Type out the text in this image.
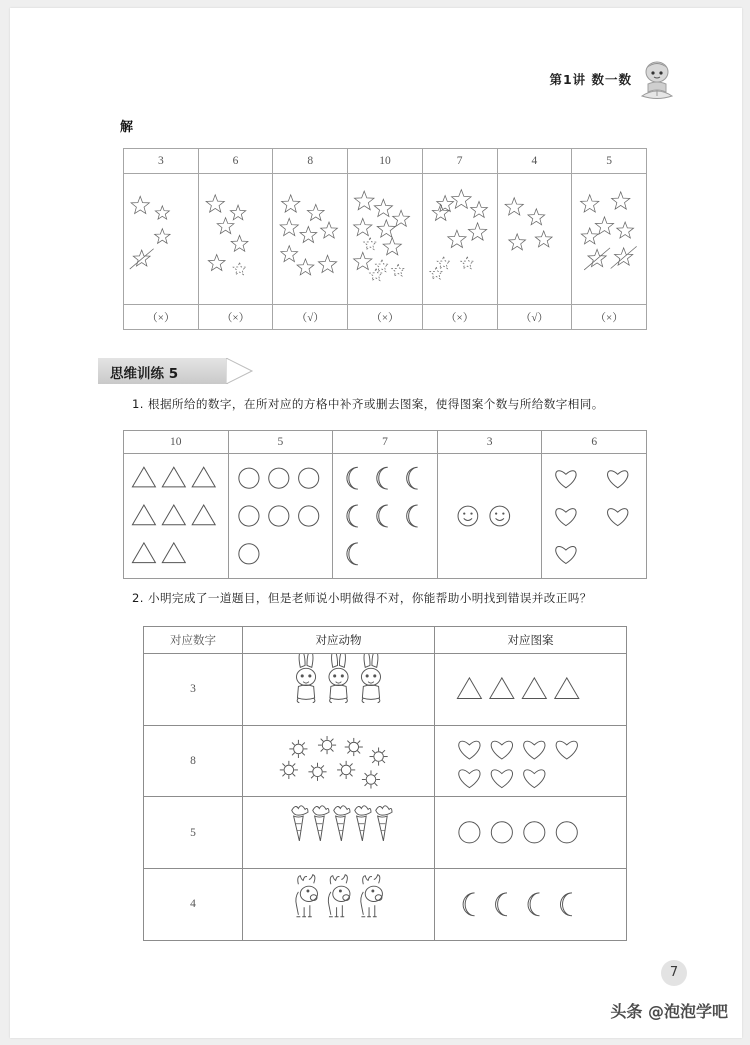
第1讲 数一数
解
3	6	8	10	7	4	5

（×）	（×）	（√）	（×）	（×）	（√）	（×）
思维训练 5
1. 根据所给的数字，在所对应的方格中补齐或删去图案，使得图案个数与所给数字相同。
10	5	7	3	6

2. 小明完成了一道题目，但是老师说小明做得不对，你能帮助小明找到错误并改正吗？
对应数字	对应动物	对应图案
3	

8	

5	

4	

7
头条 @泡泡学吧
